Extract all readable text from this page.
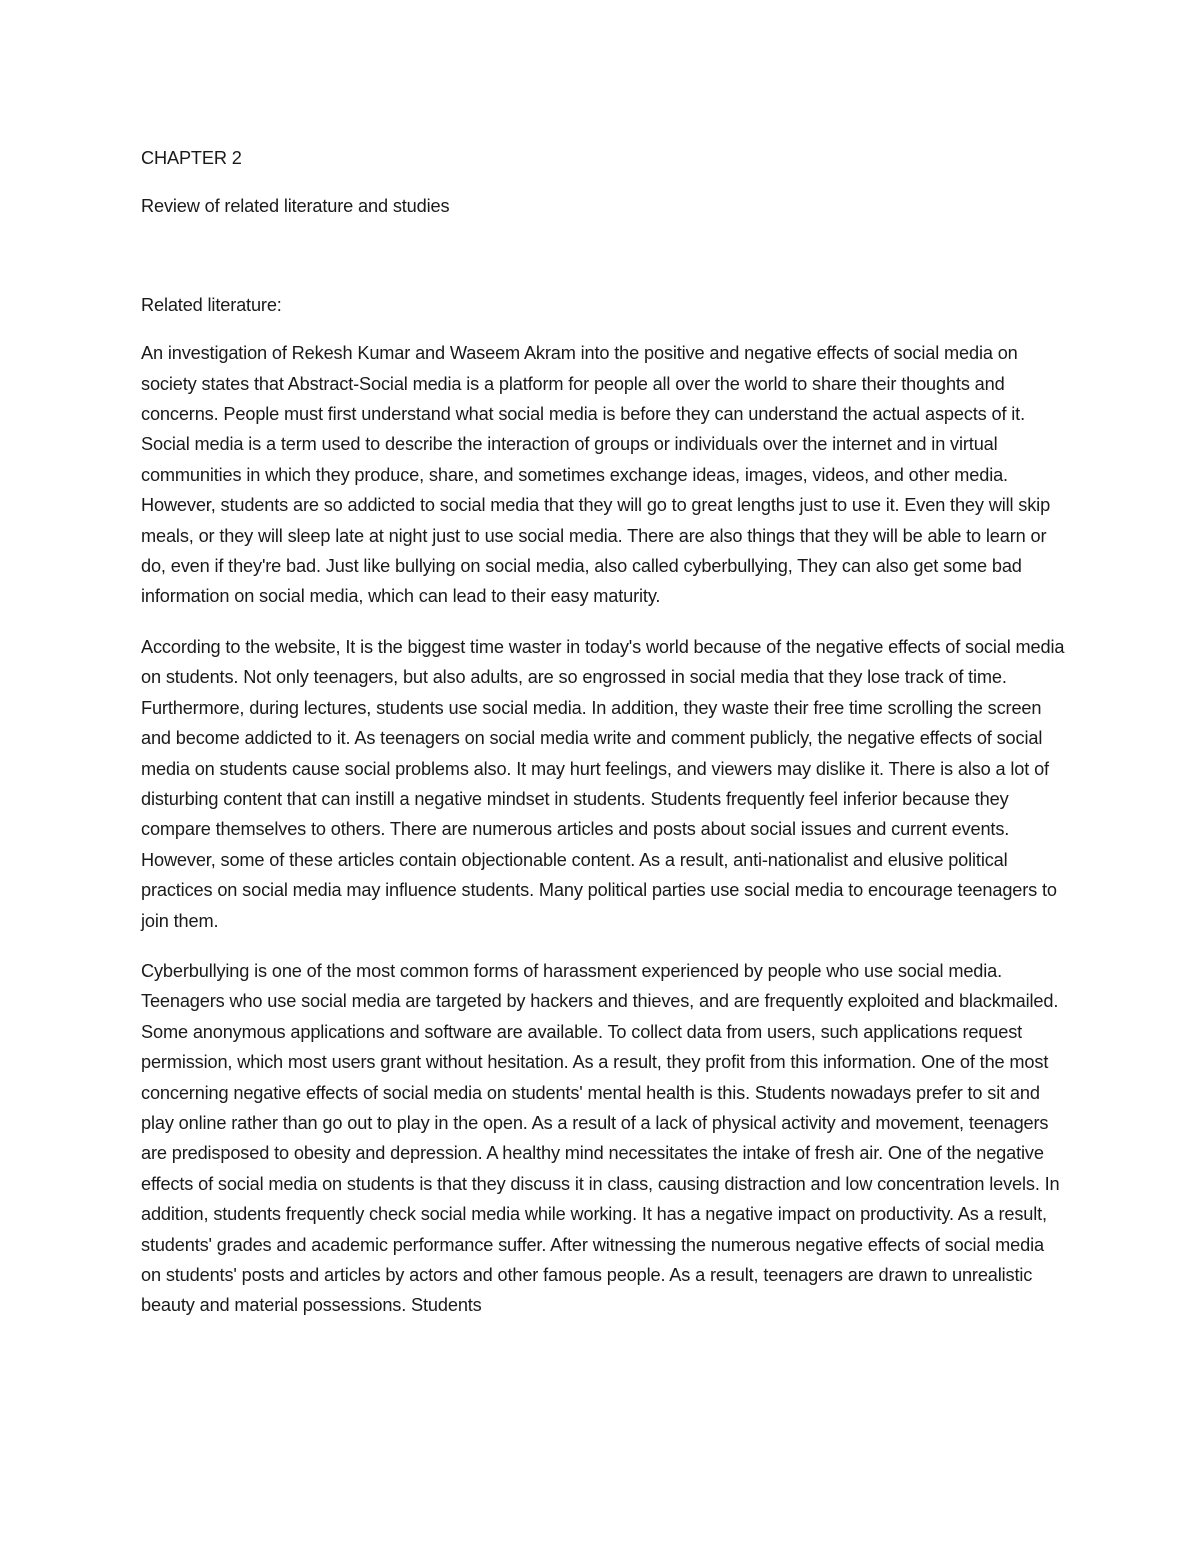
CHAPTER 2
Review of related literature and studies
Related literature:

An investigation of Rekesh Kumar and Waseem Akram into the positive and negative effects of social media on society states that Abstract-Social media is a platform for people all over the world to share their thoughts and concerns. People must first understand what social media is before they can understand the actual aspects of it. Social media is a term used to describe the interaction of groups or individuals over the internet and in virtual communities in which they produce, share, and sometimes exchange ideas, images, videos, and other media. However, students are so addicted to social media that they will go to great lengths just to use it. Even they will skip meals, or they will sleep late at night just to use social media. There are also things that they will be able to learn or do, even if they're bad. Just like bullying on social media, also called cyberbullying, They can also get some bad information on social media, which can lead to their easy maturity.

According to the website, It is the biggest time waster in today's world because of the negative effects of social media on students. Not only teenagers, but also adults, are so engrossed in social media that they lose track of time. Furthermore, during lectures, students use social media. In addition, they waste their free time scrolling the screen and become addicted to it. As teenagers on social media write and comment publicly, the negative effects of social media on students cause social problems also. It may hurt feelings, and viewers may dislike it. There is also a lot of disturbing content that can instill a negative mindset in students. Students frequently feel inferior because they compare themselves to others. There are numerous articles and posts about social issues and current events. However, some of these articles contain objectionable content. As a result, anti-nationalist and elusive political practices on social media may influence students. Many political parties use social media to encourage teenagers to join them.

Cyberbullying is one of the most common forms of harassment experienced by people who use social media. Teenagers who use social media are targeted by hackers and thieves, and are frequently exploited and blackmailed. Some anonymous applications and software are available. To collect data from users, such applications request permission, which most users grant without hesitation. As a result, they profit from this information. One of the most concerning negative effects of social media on students' mental health is this. Students nowadays prefer to sit and play online rather than go out to play in the open. As a result of a lack of physical activity and movement, teenagers are predisposed to obesity and depression. A healthy mind necessitates the intake of fresh air. One of the negative effects of social media on students is that they discuss it in class, causing distraction and low concentration levels. In addition, students frequently check social media while working. It has a negative impact on productivity. As a result, students' grades and academic performance suffer. After witnessing the numerous negative effects of social media on students' posts and articles by actors and other famous people. As a result, teenagers are drawn to unrealistic beauty and material possessions. Students
